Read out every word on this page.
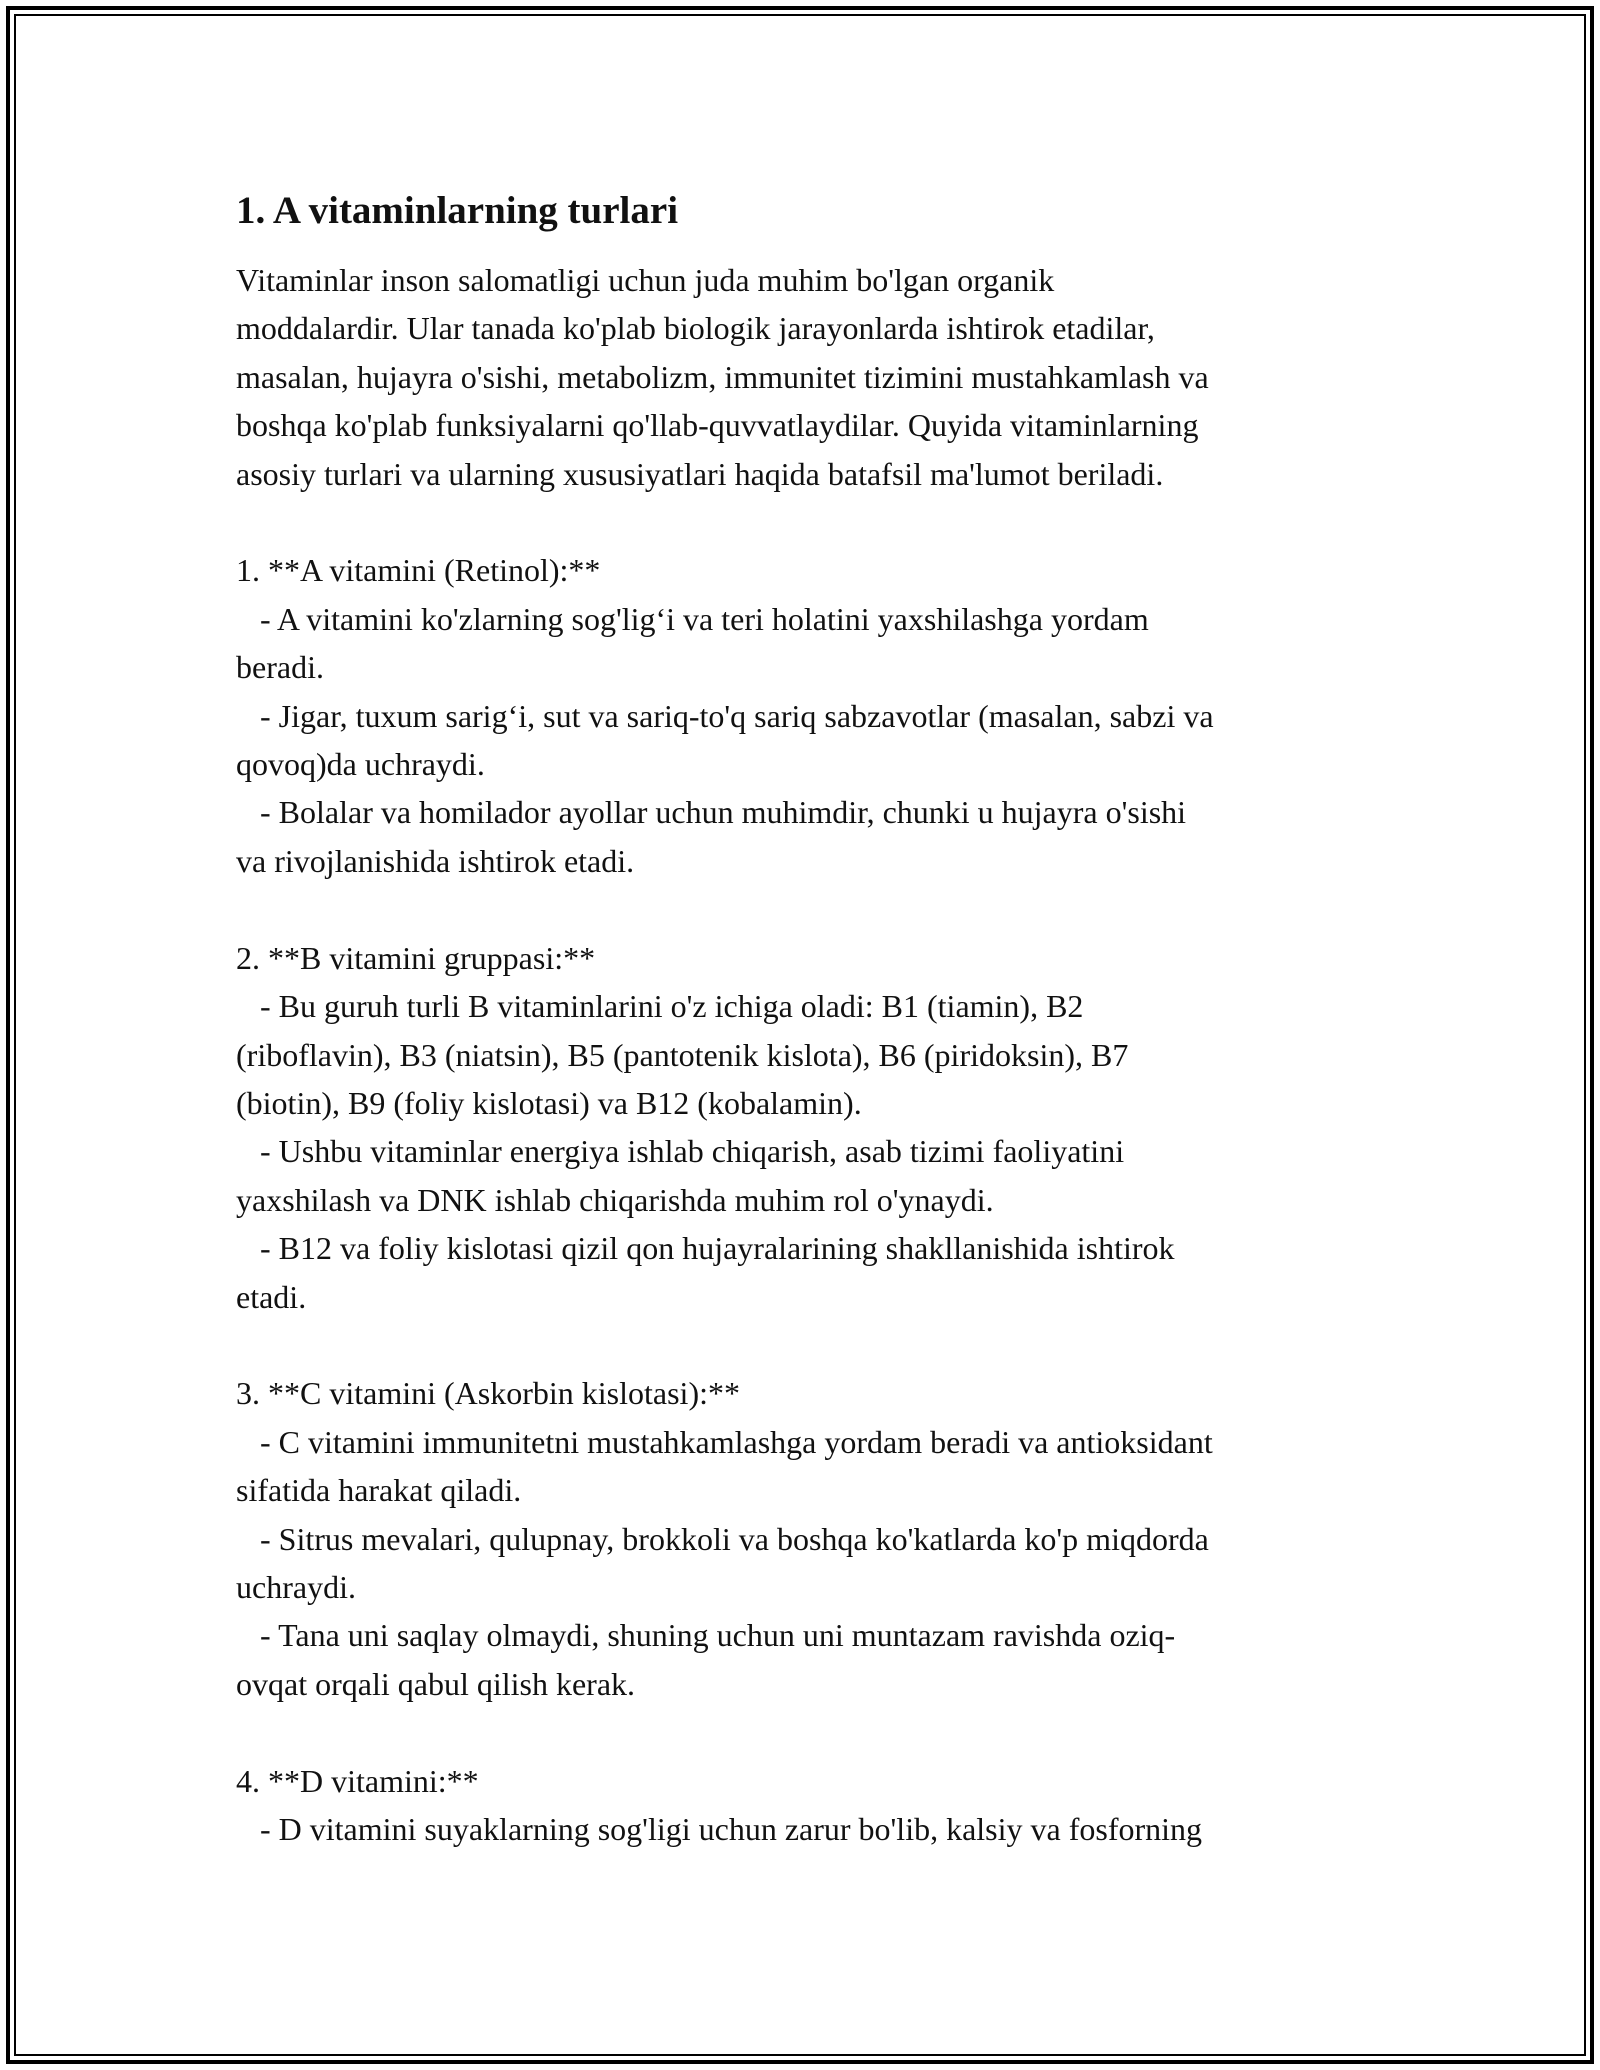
1. A vitaminlarning turlari
Vitaminlar inson salomatligi uchun juda muhim bo'lgan organik
moddalardir. Ular tanada ko'plab biologik jarayonlarda ishtirok etadilar,
masalan, hujayra o'sishi, metabolizm, immunitet tizimini mustahkamlash va
boshqa ko'plab funksiyalarni qo'llab-quvvatlaydilar. Quyida vitaminlarning
asosiy turlari va ularning xususiyatlari haqida batafsil ma'lumot beriladi.

1. **A vitamini (Retinol):**
- A vitamini ko'zlarning sog'lig‘i va teri holatini yaxshilashga yordam
beradi.
- Jigar, tuxum sarig‘i, sut va sariq-to'q sariq sabzavotlar (masalan, sabzi va
qovoq)da uchraydi.
- Bolalar va homilador ayollar uchun muhimdir, chunki u hujayra o'sishi
va rivojlanishida ishtirok etadi.

2. **B vitamini gruppasi:**
- Bu guruh turli B vitaminlarini o'z ichiga oladi: B1 (tiamin), B2
(riboflavin), B3 (niatsin), B5 (pantotenik kislota), B6 (piridoksin), B7
(biotin), B9 (foliy kislotasi) va B12 (kobalamin).
- Ushbu vitaminlar energiya ishlab chiqarish, asab tizimi faoliyatini
yaxshilash va DNK ishlab chiqarishda muhim rol o'ynaydi.
- B12 va foliy kislotasi qizil qon hujayralarining shakllanishida ishtirok
etadi.

3. **C vitamini (Askorbin kislotasi):**
- C vitamini immunitetni mustahkamlashga yordam beradi va antioksidant
sifatida harakat qiladi.
- Sitrus mevalari, qulupnay, brokkoli va boshqa ko'katlarda ko'p miqdorda
uchraydi.
- Tana uni saqlay olmaydi, shuning uchun uni muntazam ravishda oziq-
ovqat orqali qabul qilish kerak.

4. **D vitamini:**
- D vitamini suyaklarning sog'ligi uchun zarur bo'lib, kalsiy va fosforning
